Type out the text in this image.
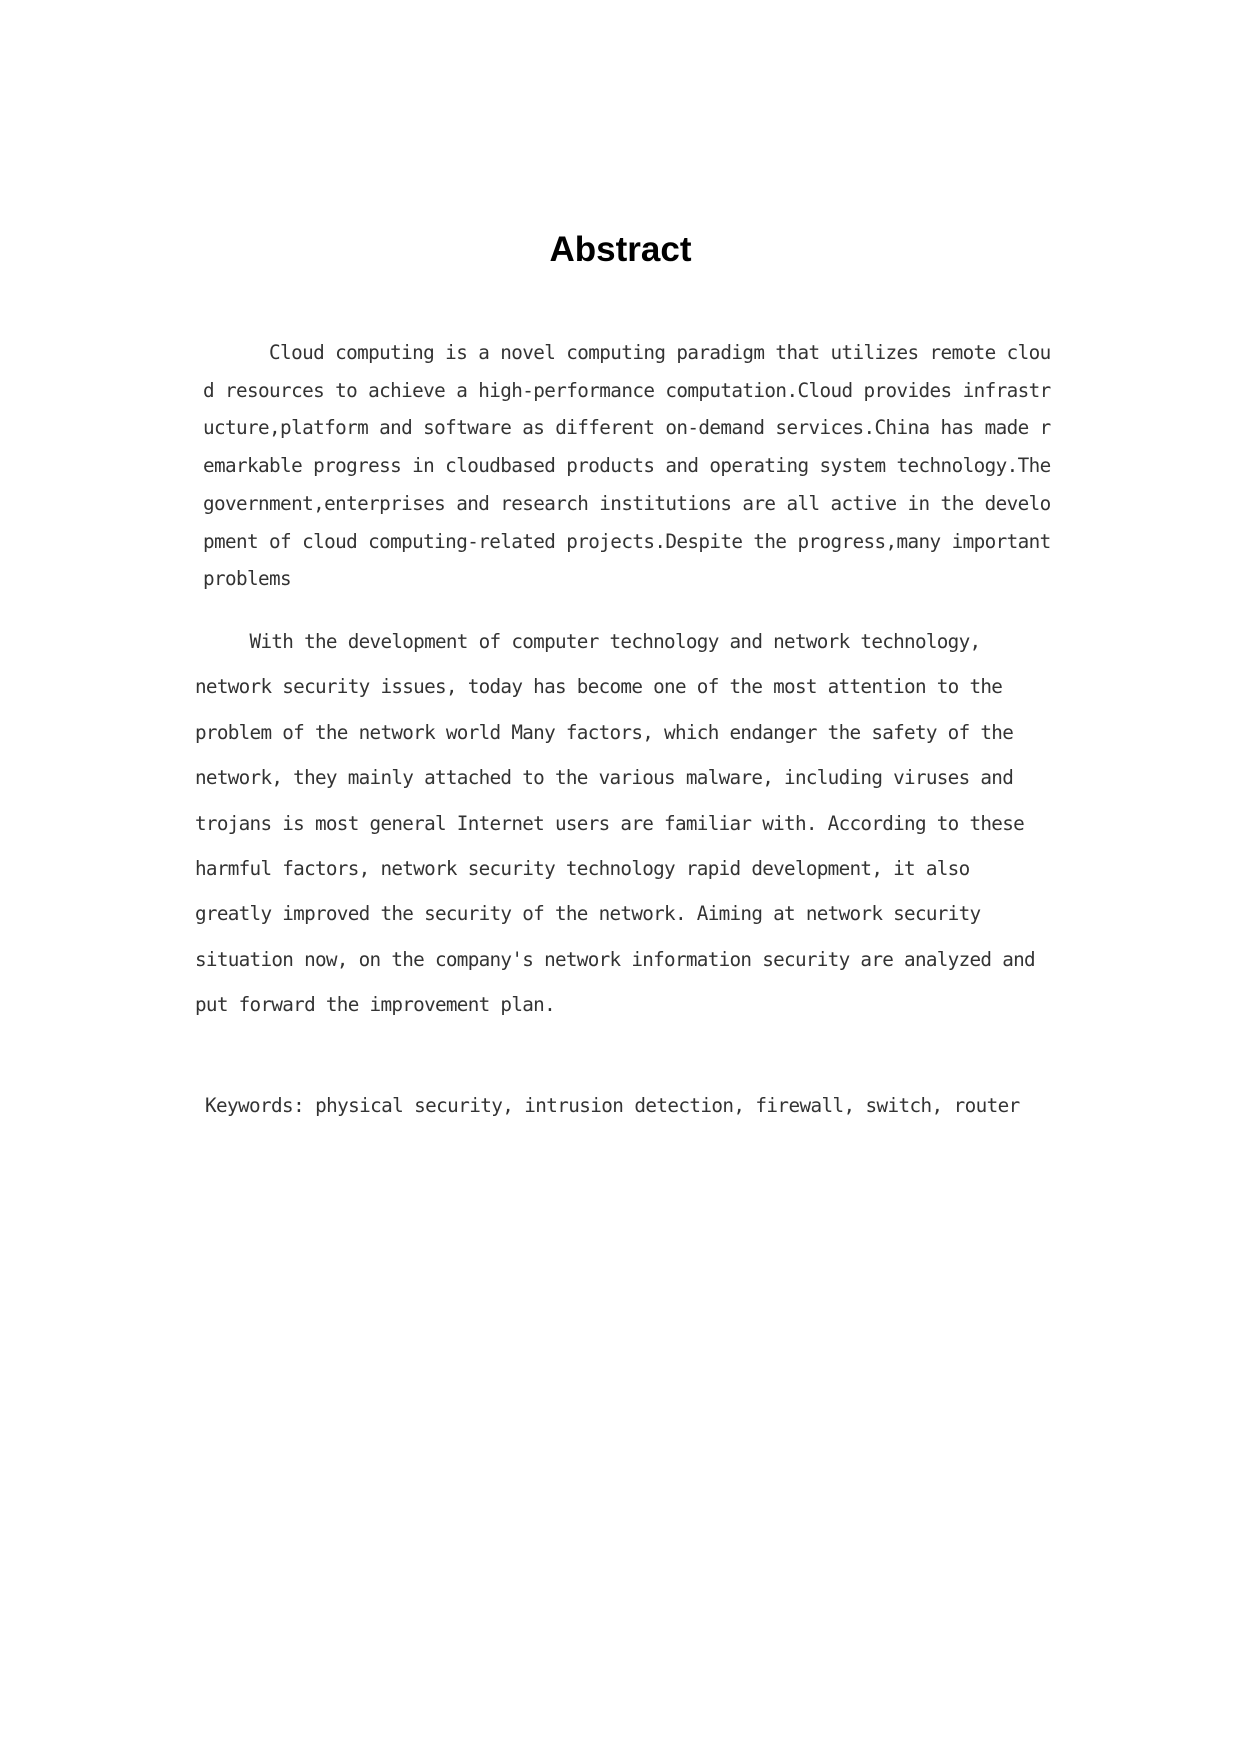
Abstract
Cloud computing is a novel computing paradigm that utilizes remote clou
d resources to achieve a high-performance computation.Cloud provides infrastr
ucture,platform and software as different on-demand services.China has made r
emarkable progress in cloudbased products and operating system technology.The
government,enterprises and research institutions are all active in the develo
pment of cloud computing-related projects.Despite the progress,many important
problems
With the development of computer technology and network technology,
network security issues, today has become one of the most attention to the
problem of the network world Many factors, which endanger the safety of the
network, they mainly attached to the various malware, including viruses and
trojans is most general Internet users are familiar with. According to these
harmful factors, network security technology rapid development, it also
greatly improved the security of the network. Aiming at network security
situation now, on the company's network information security are analyzed and
put forward the improvement plan.

Keywords: physical security, intrusion detection, firewall, switch, router
